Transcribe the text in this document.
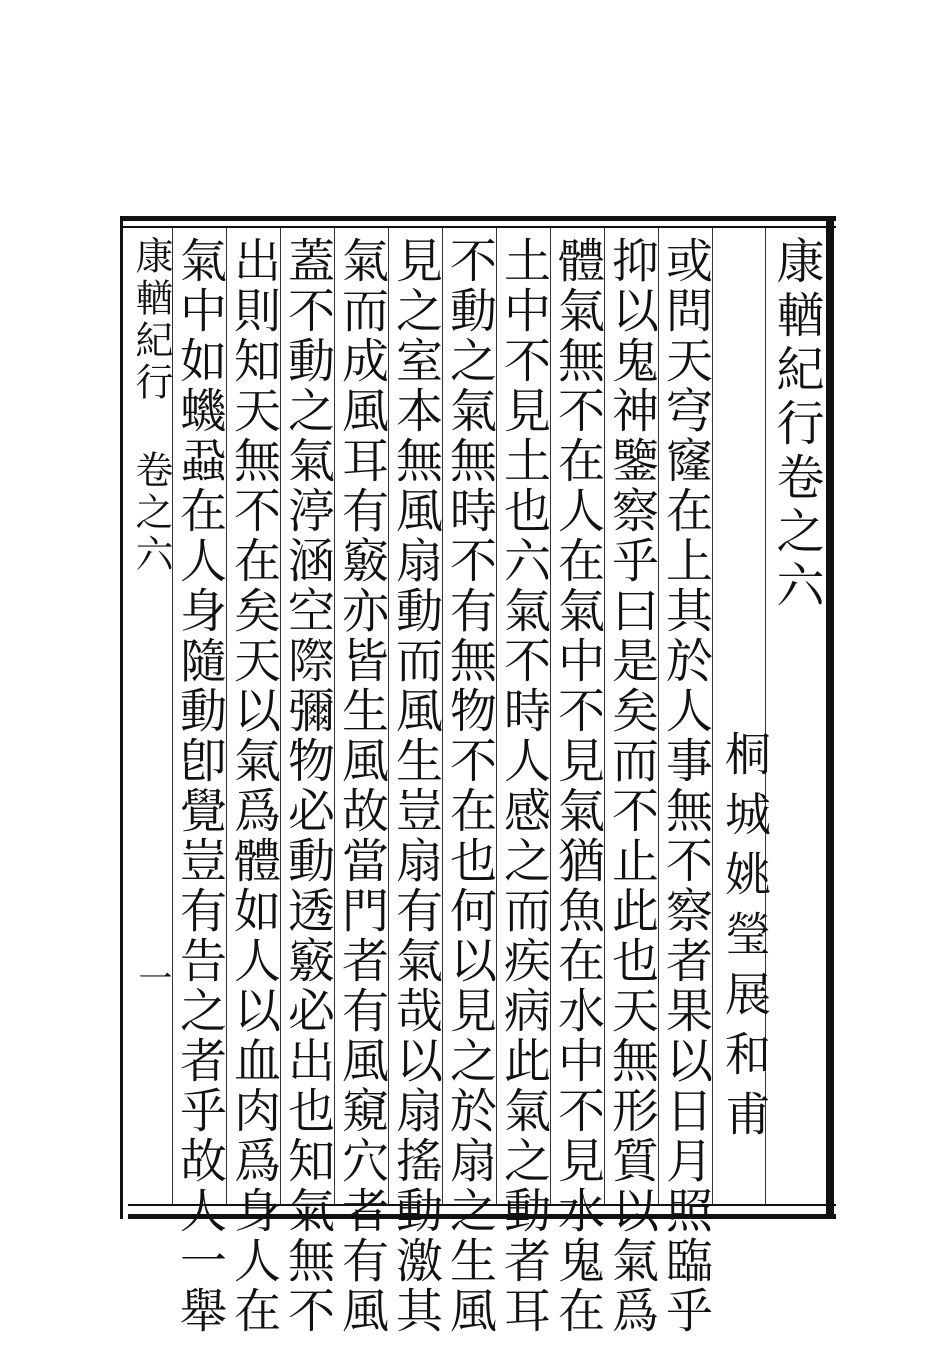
康輶紀行卷之六
桐城姚瑩展和甫
或問天穹窿在上其於人事無不察者果以日月照臨乎
抑以鬼神鑒察乎曰是矣而不止此也天無形質以氣爲
體氣無不在人在氣中不見氣猶魚在水中不見水鬼在
土中不見土也六氣不時人感之而疾病此氣之動者耳
不動之氣無時不有無物不在也何以見之於扇之生風
見之室本無風扇動而風生豈扇有氣哉以扇搖動激其
氣而成風耳有竅亦皆生風故當門者有風窺穴者有風
蓋不動之氣渟涵空際彌物必動透竅必出也知氣無不
出則知天無不在矣天以氣爲體如人以血肉爲身人在
氣中如蟣蝨在人身隨動卽覺豈有告之者乎故人一舉
康輶紀行
卷之六
一
